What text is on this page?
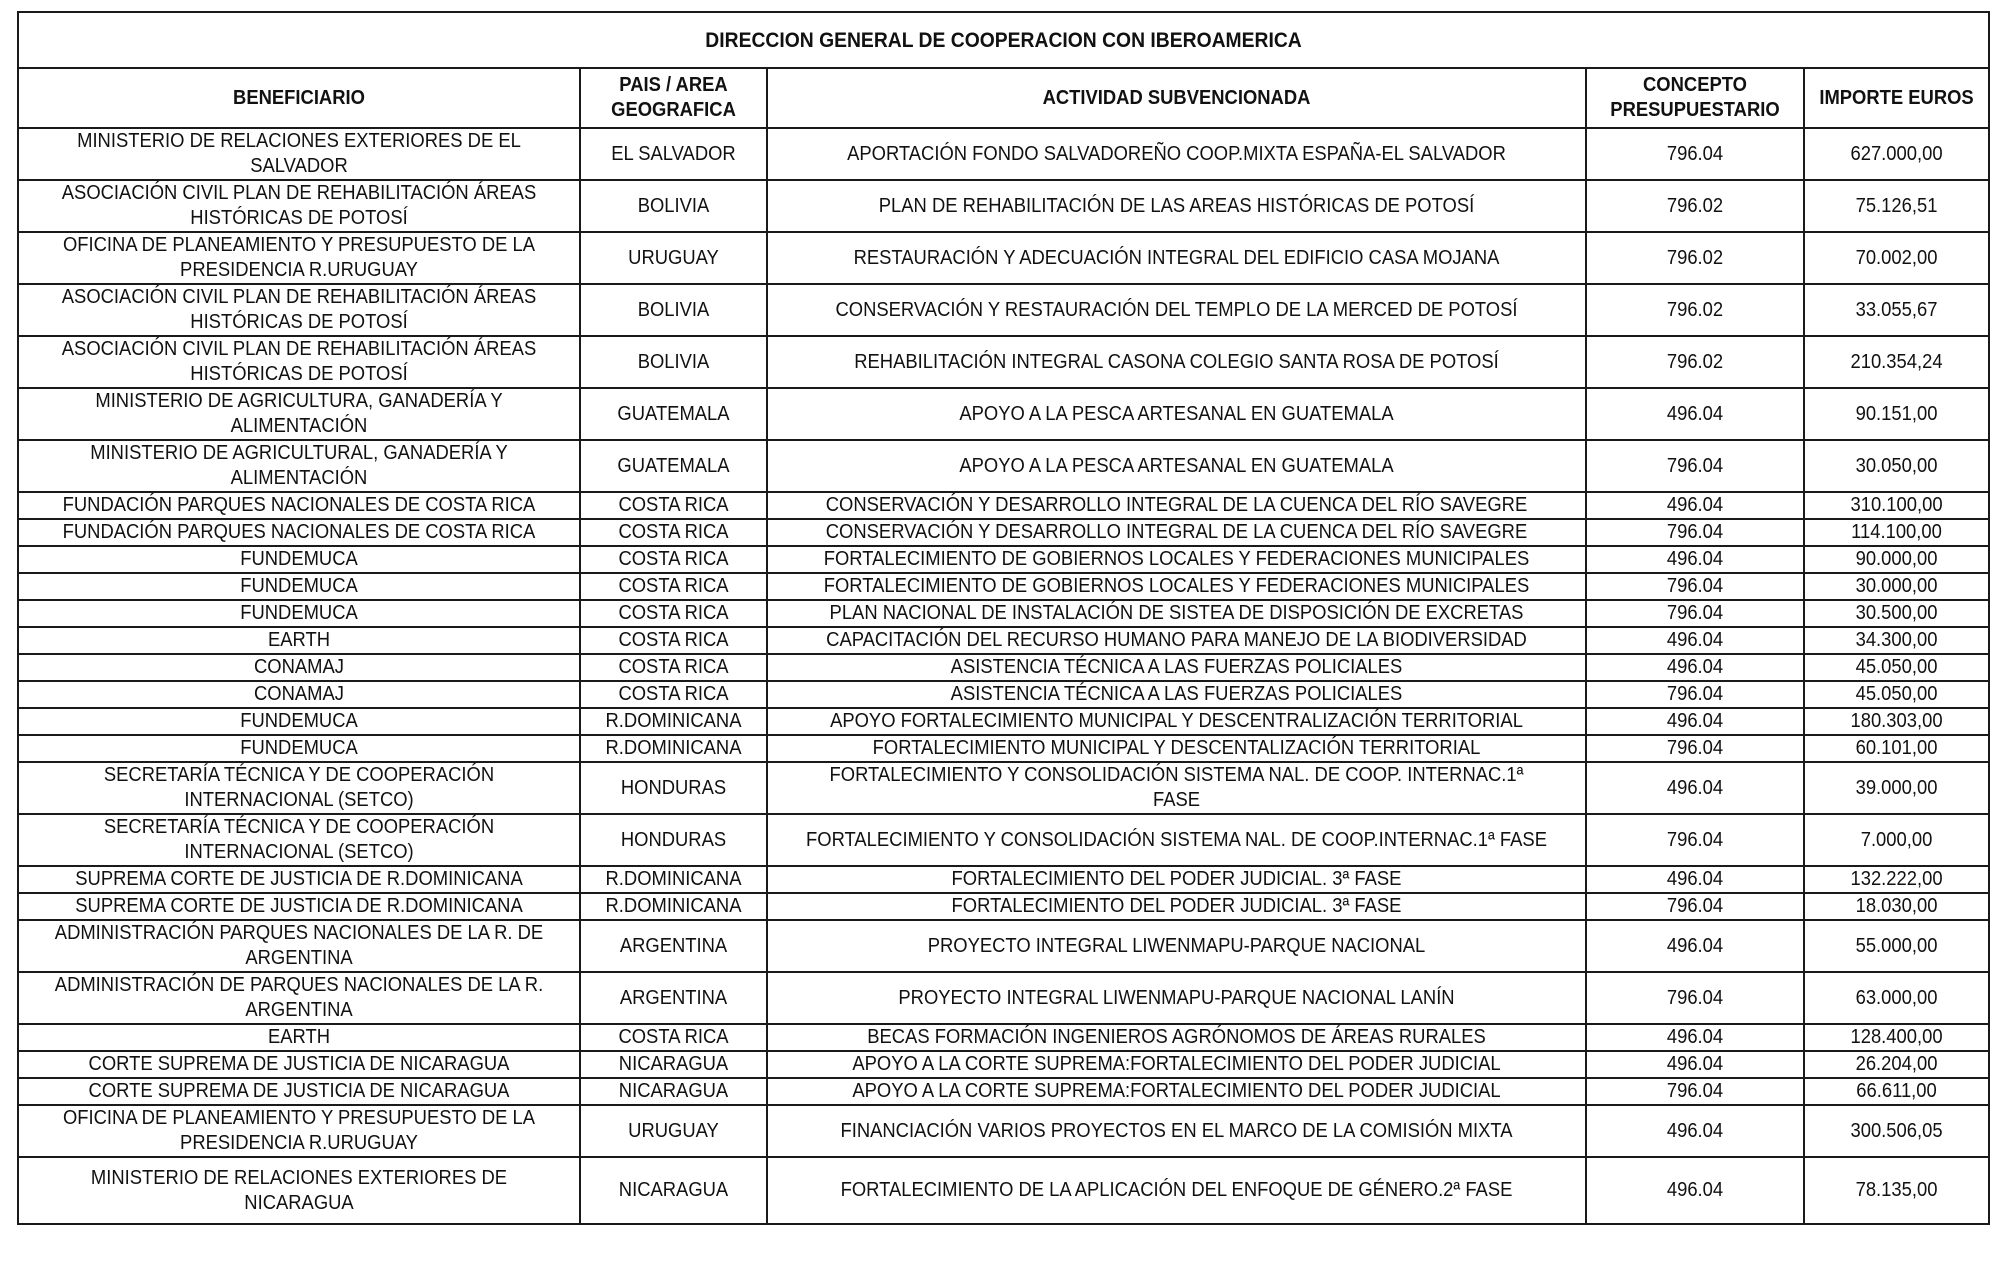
DIRECCION GENERAL DE COOPERACION CON IBEROAMERICA				
BENEFICIARIO	PAIS / AREA GEOGRAFICA	ACTIVIDAD SUBVENCIONADA	CONCEPTO PRESUPUESTARIO	IMPORTE EUROS
MINISTERIO DE RELACIONES EXTERIORES DE EL SALVADOR	EL SALVADOR	APORTACIÓN FONDO SALVADOREÑO COOP.MIXTA ESPAÑA-EL SALVADOR	796.04	627.000,00
ASOCIACIÓN CIVIL PLAN DE REHABILITACIÓN ÁREAS HISTÓRICAS DE POTOSÍ	BOLIVIA	PLAN DE REHABILITACIÓN DE LAS AREAS HISTÓRICAS DE POTOSÍ	796.02	75.126,51
OFICINA DE PLANEAMIENTO Y PRESUPUESTO DE LA PRESIDENCIA R.URUGUAY	URUGUAY	RESTAURACIÓN Y ADECUACIÓN INTEGRAL DEL EDIFICIO CASA MOJANA	796.02	70.002,00
ASOCIACIÓN CIVIL PLAN DE REHABILITACIÓN ÁREAS HISTÓRICAS DE POTOSÍ	BOLIVIA	CONSERVACIÓN Y RESTAURACIÓN DEL TEMPLO DE LA MERCED DE POTOSÍ	796.02	33.055,67
ASOCIACIÓN CIVIL PLAN DE REHABILITACIÓN ÁREAS HISTÓRICAS DE POTOSÍ	BOLIVIA	REHABILITACIÓN INTEGRAL CASONA COLEGIO SANTA ROSA DE POTOSÍ	796.02	210.354,24
MINISTERIO DE AGRICULTURA, GANADERÍA Y ALIMENTACIÓN	GUATEMALA	APOYO A LA PESCA ARTESANAL EN GUATEMALA	496.04	90.151,00
MINISTERIO DE AGRICULTURAL, GANADERÍA Y ALIMENTACIÓN	GUATEMALA	APOYO A LA PESCA ARTESANAL EN GUATEMALA	796.04	30.050,00
FUNDACIÓN PARQUES NACIONALES DE COSTA RICA	COSTA RICA	CONSERVACIÓN Y DESARROLLO INTEGRAL DE LA CUENCA DEL RÍO SAVEGRE	496.04	310.100,00
FUNDACIÓN PARQUES NACIONALES DE COSTA RICA	COSTA RICA	CONSERVACIÓN Y DESARROLLO INTEGRAL DE LA CUENCA DEL RÍO SAVEGRE	796.04	114.100,00
FUNDEMUCA	COSTA RICA	FORTALECIMIENTO DE GOBIERNOS LOCALES Y FEDERACIONES MUNICIPALES	496.04	90.000,00
FUNDEMUCA	COSTA RICA	FORTALECIMIENTO DE GOBIERNOS LOCALES Y FEDERACIONES MUNICIPALES	796.04	30.000,00
FUNDEMUCA	COSTA RICA	PLAN NACIONAL DE INSTALACIÓN DE SISTEA DE DISPOSICIÓN DE EXCRETAS	796.04	30.500,00
EARTH	COSTA RICA	CAPACITACIÓN DEL RECURSO HUMANO PARA MANEJO DE LA BIODIVERSIDAD	496.04	34.300,00
CONAMAJ	COSTA RICA	ASISTENCIA TÉCNICA A LAS FUERZAS POLICIALES	496.04	45.050,00
CONAMAJ	COSTA RICA	ASISTENCIA TÉCNICA A LAS FUERZAS POLICIALES	796.04	45.050,00
FUNDEMUCA	R.DOMINICANA	APOYO FORTALECIMIENTO MUNICIPAL Y DESCENTRALIZACIÓN TERRITORIAL	496.04	180.303,00
FUNDEMUCA	R.DOMINICANA	FORTALECIMIENTO MUNICIPAL Y DESCENTALIZACIÓN TERRITORIAL	796.04	60.101,00
SECRETARÍA TÉCNICA Y DE COOPERACIÓN INTERNACIONAL (SETCO)	HONDURAS	FORTALECIMIENTO Y CONSOLIDACIÓN SISTEMA NAL. DE COOP. INTERNAC.1ª FASE	496.04	39.000,00
SECRETARÍA TÉCNICA Y DE COOPERACIÓN INTERNACIONAL (SETCO)	HONDURAS	FORTALECIMIENTO Y CONSOLIDACIÓN SISTEMA NAL. DE COOP.INTERNAC.1ª FASE	796.04	7.000,00
SUPREMA CORTE DE JUSTICIA DE R.DOMINICANA	R.DOMINICANA	FORTALECIMIENTO DEL PODER JUDICIAL. 3ª FASE	496.04	132.222,00
SUPREMA CORTE DE JUSTICIA DE R.DOMINICANA	R.DOMINICANA	FORTALECIMIENTO DEL PODER JUDICIAL. 3ª FASE	796.04	18.030,00
ADMINISTRACIÓN PARQUES NACIONALES DE LA R. DE ARGENTINA	ARGENTINA	PROYECTO INTEGRAL LIWENMAPU-PARQUE NACIONAL	496.04	55.000,00
ADMINISTRACIÓN DE PARQUES NACIONALES DE LA R. ARGENTINA	ARGENTINA	PROYECTO INTEGRAL LIWENMAPU-PARQUE NACIONAL LANÍN	796.04	63.000,00
EARTH	COSTA RICA	BECAS FORMACIÓN INGENIEROS AGRÓNOMOS DE ÁREAS RURALES	496.04	128.400,00
CORTE SUPREMA DE JUSTICIA DE NICARAGUA	NICARAGUA	APOYO A LA CORTE SUPREMA:FORTALECIMIENTO DEL PODER JUDICIAL	496.04	26.204,00
CORTE SUPREMA DE JUSTICIA DE NICARAGUA	NICARAGUA	APOYO A LA CORTE SUPREMA:FORTALECIMIENTO DEL PODER JUDICIAL	796.04	66.611,00
OFICINA DE PLANEAMIENTO Y PRESUPUESTO DE LA PRESIDENCIA R.URUGUAY	URUGUAY	FINANCIACIÓN VARIOS PROYECTOS EN EL MARCO DE LA COMISIÓN MIXTA	496.04	300.506,05
MINISTERIO DE RELACIONES EXTERIORES DE NICARAGUA	NICARAGUA	FORTALECIMIENTO DE LA APLICACIÓN DEL ENFOQUE DE GÉNERO.2ª FASE	496.04	78.135,00
